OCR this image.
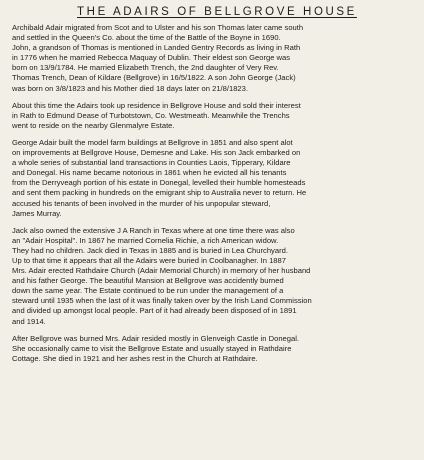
THE ADAIRS OF BELLGROVE HOUSE
Archibald Adair migrated from Scot and to Ulster and his son Thomas later came south
and settled in the Queen's Co. about the time of the Battle of the Boyne in 1690.
John, a grandson of Thomas is mentioned in Landed Gentry Records as living in Rath
in 1776 when he married Rebecca Maquay of Dublin. Their eldest son George was
born on 13/9/1784. He married Elizabeth Trench, the 2nd daughter of Very Rev.
Thomas Trench, Dean of Kildare (Bellgrove) in 16/5/1822. A son John George (Jack)
was born on 3/8/1823 and his Mother died 18 days later on 21/8/1823.
About this time the Adairs took up residence in Bellgrove House and sold their interest
in Rath to Edmund Dease of Turbotstown, Co. Westmeath. Meanwhile the Trenchs
went to reside on the nearby Glenmalyre Estate.
George Adair built the model farm buildings at Bellgrove in 1851 and also spent alot
on improvements at Bellgrove House, Demesne and Lake. His son Jack embarked on
a whole series of substantial land transactions in Counties Laois, Tipperary, Kildare
and Donegal. His name became notorious in 1861 when he evicted all his tenants
from the Derryveagh portion of his estate in Donegal, levelled their humble homesteads
and sent them packing in hundreds on the emigrant ship to Australia never to return. He
accused his tenants of been involved in the murder of his unpopular steward,
James Murray.
Jack also owned the extensive J A Ranch in Texas where at one time there was also
an "Adair Hospital". In 1867 he married Cornelia Richie, a rich American widow.
They had no children. Jack died in Texas in 1885 and is buried in Lea Churchyard.
Up to that time it appears that all the Adairs were buried in Coolbanagher. In 1887
Mrs. Adair erected Rathdaire Church (Adair Memorial Church) in memory of her husband
and his father George. The beautiful Mansion at Bellgrove was accidently burned
down the same year. The Estate continued to be run under the management of a
steward until 1935 when the last of it was finally taken over by the Irish Land Commission
and divided up amongst local people. Part of it had already been disposed of in 1891
and 1914.
After Bellgrove was burned Mrs. Adair resided mostly in Glenveigh Castle in Donegal.
She occasionally came to visit the Bellgrove Estate and usually stayed in Rathdaire
Cottage. She died in 1921 and her ashes rest in the Church at Rathdaire.
